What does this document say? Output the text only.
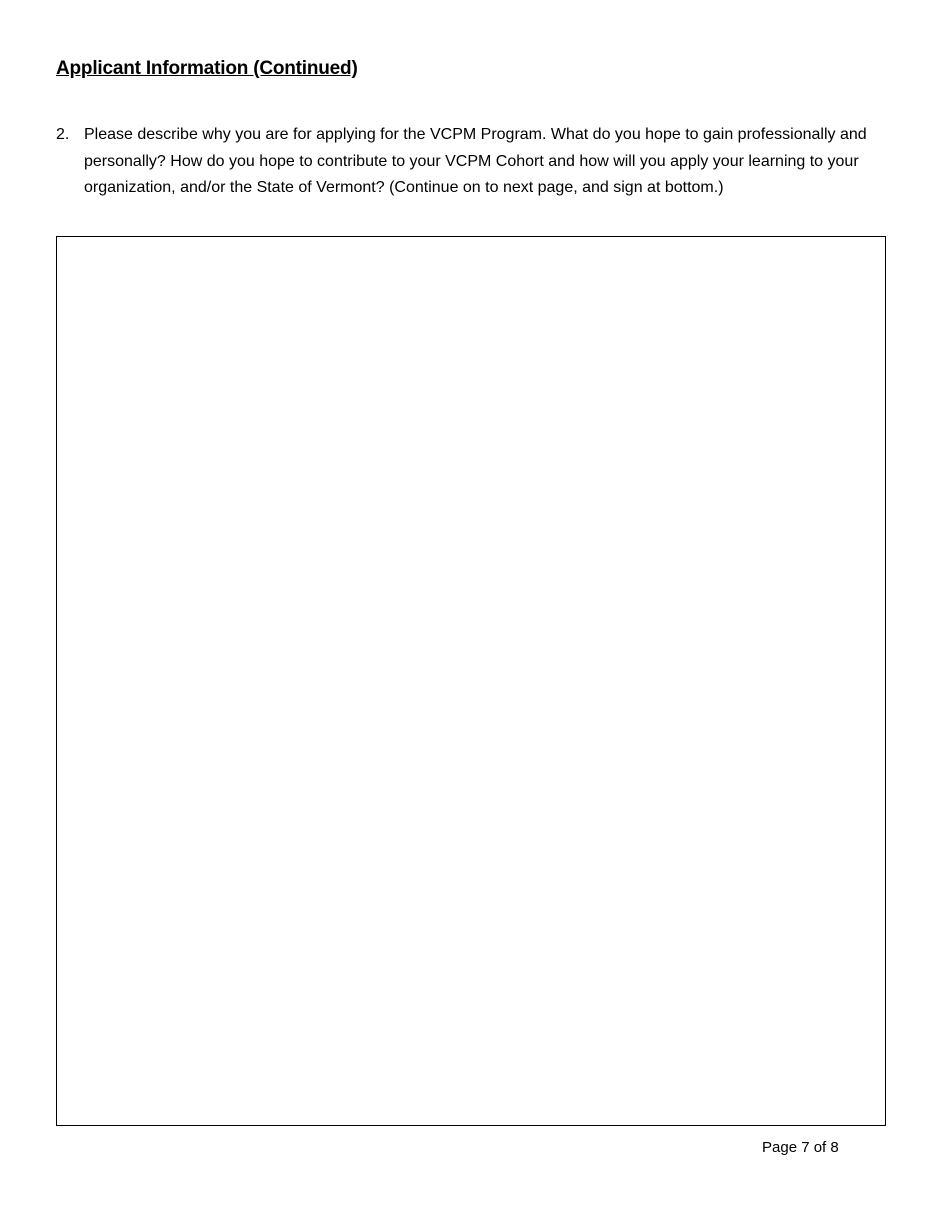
Applicant Information (Continued)
2. Please describe why you are for applying for the VCPM Program. What do you hope to gain professionally and personally? How do you hope to contribute to your VCPM Cohort and how will you apply your learning to your organization, and/or the State of Vermont? (Continue on to next page, and sign at bottom.)
Page 7 of 8
